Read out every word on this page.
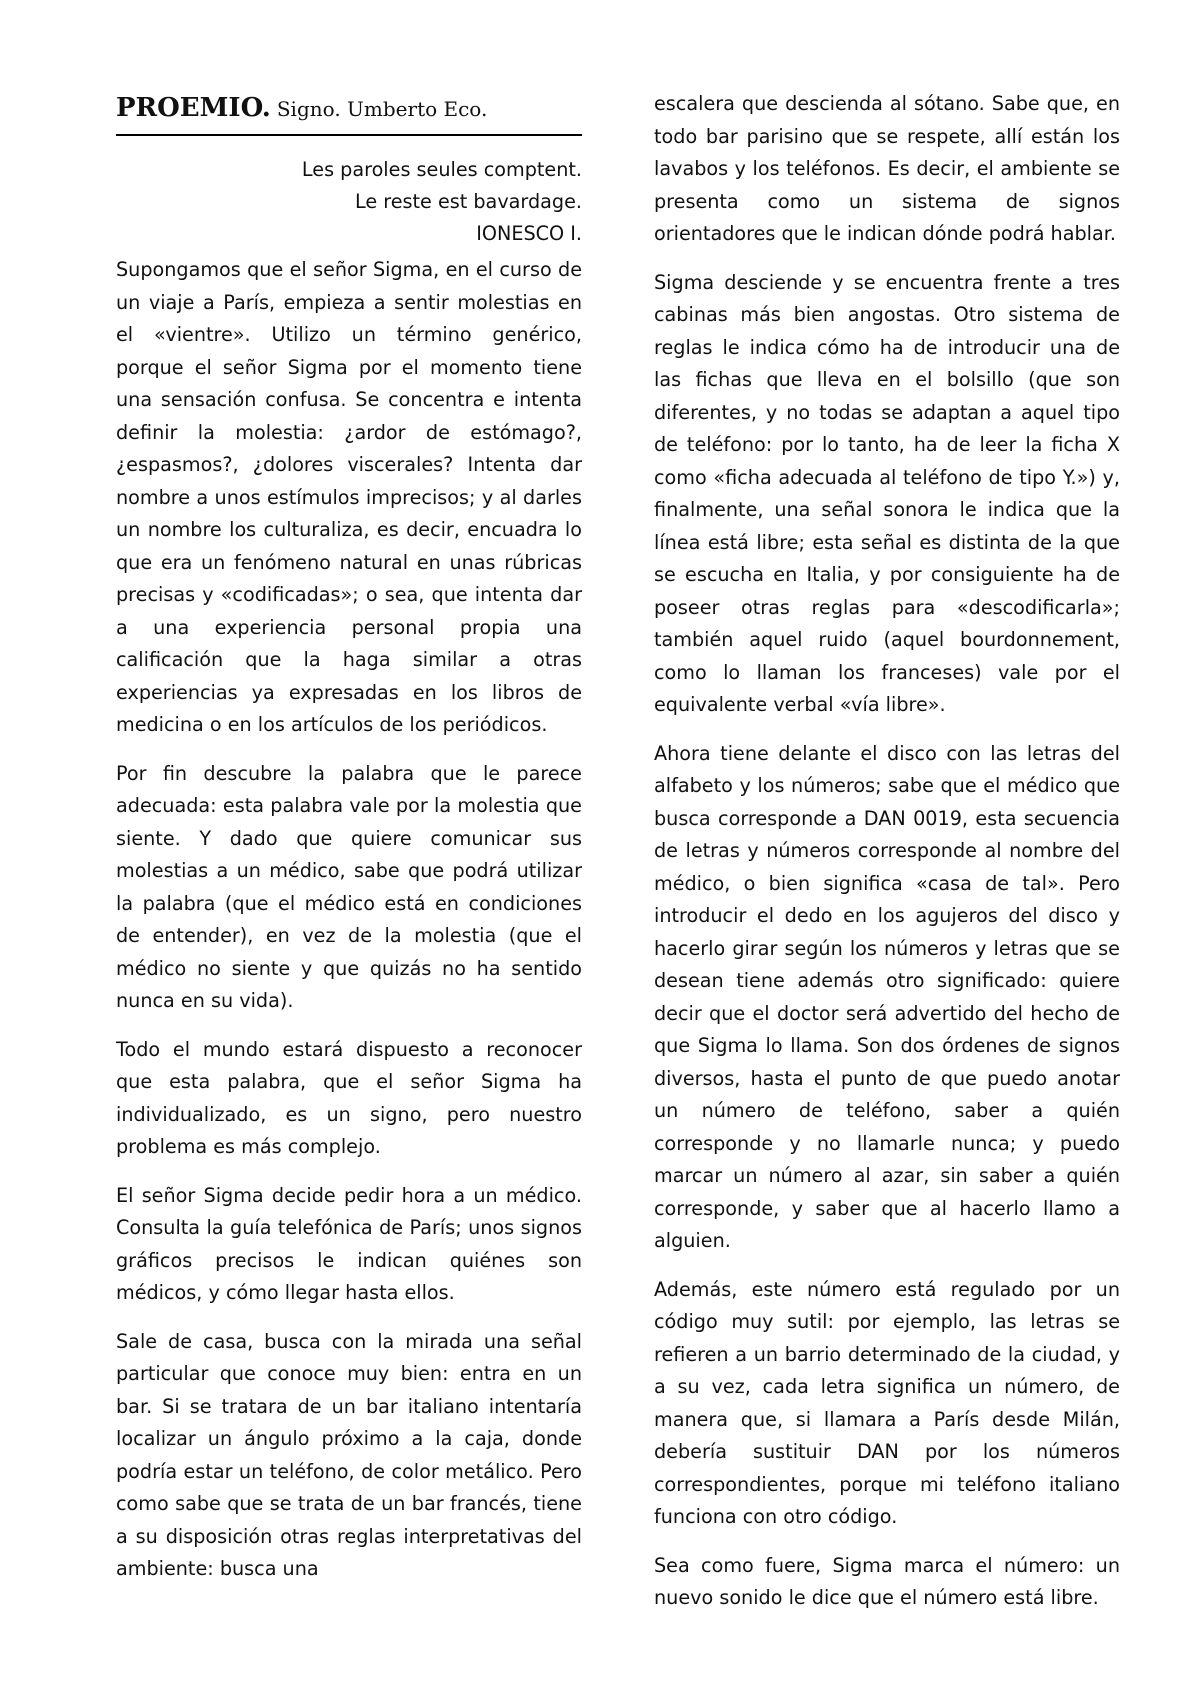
PROEMIO. Signo. Umberto Eco.
Les paroles seules comptent.
Le reste est bavardage.
IONESCO I.

Supongamos que el señor Sigma, en el curso de un viaje a París, empieza a sentir molestias en el «vientre». Utilizo un término genérico, porque el señor Sigma por el momento tiene una sensación confusa. Se concentra e intenta definir la molestia: ¿ardor de estómago?, ¿espasmos?, ¿dolores viscerales? Intenta dar nombre a unos estímulos imprecisos; y al darles un nombre los culturaliza, es decir, encuadra lo que era un fenómeno natural en unas rúbricas precisas y «codificadas»; o sea, que intenta dar a una experiencia personal propia una calificación que la haga similar a otras experiencias ya expresadas en los libros de medicina o en los artículos de los periódicos.

Por fin descubre la palabra que le parece adecuada: esta palabra vale por la molestia que siente. Y dado que quiere comunicar sus molestias a un médico, sabe que podrá utilizar la palabra (que el médico está en condiciones de entender), en vez de la molestia (que el médico no siente y que quizás no ha sentido nunca en su vida).

Todo el mundo estará dispuesto a reconocer que esta palabra, que el señor Sigma ha individualizado, es un signo, pero nuestro problema es más complejo.

El señor Sigma decide pedir hora a un médico. Consulta la guía telefónica de París; unos signos gráficos precisos le indican quiénes son médicos, y cómo llegar hasta ellos.

Sale de casa, busca con la mirada una señal particular que conoce muy bien: entra en un bar. Si se tratara de un bar italiano intentaría localizar un ángulo próximo a la caja, donde podría estar un teléfono, de color metálico. Pero como sabe que se trata de un bar francés, tiene a su disposición otras reglas interpretativas del ambiente: busca una

escalera que descienda al sótano. Sabe que, en todo bar parisino que se respete, allí están los lavabos y los teléfonos. Es decir, el ambiente se presenta como un sistema de signos orientadores que le indican dónde podrá hablar.

Sigma desciende y se encuentra frente a tres cabinas más bien angostas. Otro sistema de reglas le indica cómo ha de introducir una de las fichas que lleva en el bolsillo (que son diferentes, y no todas se adaptan a aquel tipo de teléfono: por lo tanto, ha de leer la ficha X como «ficha adecuada al teléfono de tipo Y.») y, finalmente, una señal sonora le indica que la línea está libre; esta señal es distinta de la que se escucha en Italia, y por consiguiente ha de poseer otras reglas para «descodificarla»; también aquel ruido (aquel bourdonnement, como lo llaman los franceses) vale por el equivalente verbal «vía libre».

Ahora tiene delante el disco con las letras del alfabeto y los números; sabe que el médico que busca corresponde a DAN 0019, esta secuencia de letras y números corresponde al nombre del médico, o bien significa «casa de tal». Pero introducir el dedo en los agujeros del disco y hacerlo girar según los números y letras que se desean tiene además otro significado: quiere decir que el doctor será advertido del hecho de que Sigma lo llama. Son dos órdenes de signos diversos, hasta el punto de que puedo anotar un número de teléfono, saber a quién corresponde y no llamarle nunca; y puedo marcar un número al azar, sin saber a quién corresponde, y saber que al hacerlo llamo a alguien.

Además, este número está regulado por un código muy sutil: por ejemplo, las letras se refieren a un barrio determinado de la ciudad, y a su vez, cada letra significa un número, de manera que, si llamara a París desde Milán, debería sustituir DAN por los números correspondientes, porque mi teléfono italiano funciona con otro código.

Sea como fuere, Sigma marca el número: un nuevo sonido le dice que el número está libre.
